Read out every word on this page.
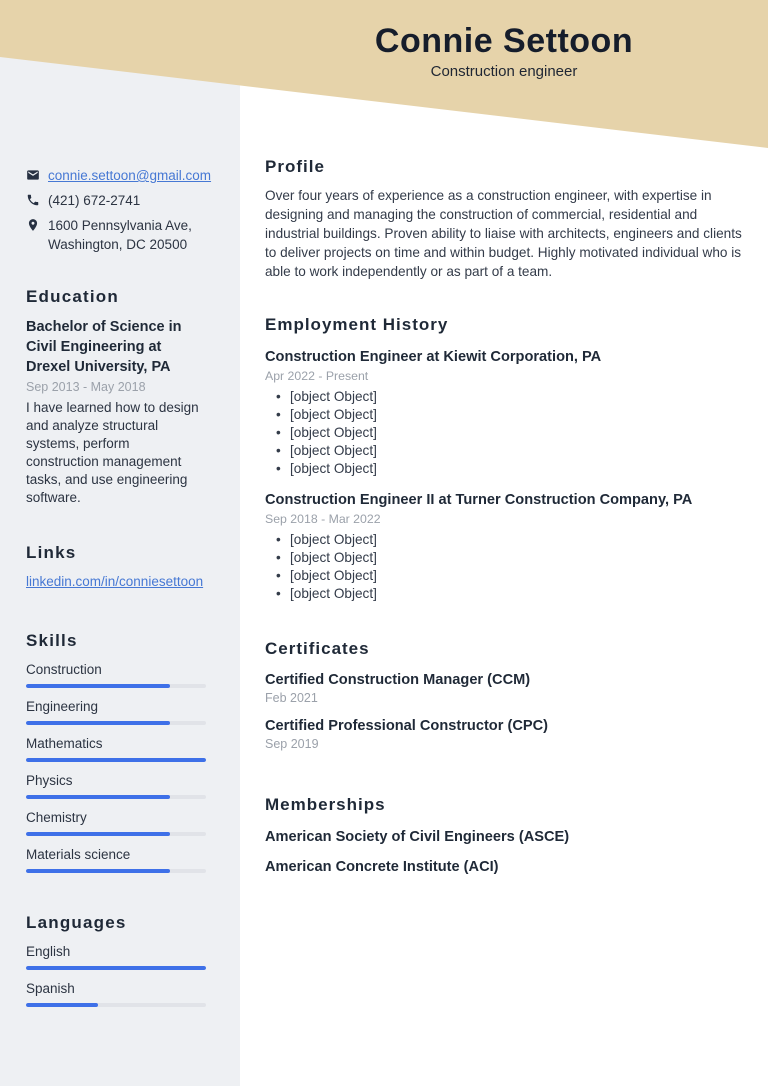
connie.settoon@gmail.com
(421) 672-2741
1600 Pennsylvania Ave,
Washington, DC 20500
Education
Bachelor of Science in Civil Engineering at Drexel University, PA
Sep 2013 - May 2018
I have learned how to design and analyze structural systems, perform construction management tasks, and use engineering software.
Links
linkedin.com/in/conniesettoon
Skills
Construction
Engineering
Mathematics
Physics
Chemistry
Materials science
Languages
English
Spanish
Connie Settoon
Construction engineer
Profile
Over four years of experience as a construction engineer, with expertise in designing and managing the construction of commercial, residential and industrial buildings. Proven ability to liaise with architects, engineers and clients to deliver projects on time and within budget. Highly motivated individual who is able to work independently or as part of a team.
Employment History
Construction Engineer at Kiewit Corporation, PA
Apr 2022 - Present
• [object Object]
• [object Object]
• [object Object]
• [object Object]
• [object Object]
Construction Engineer II at Turner Construction Company, PA
Sep 2018 - Mar 2022
• [object Object]
• [object Object]
• [object Object]
• [object Object]
Certificates
Certified Construction Manager (CCM)
Feb 2021
Certified Professional Constructor (CPC)
Sep 2019
Memberships
American Society of Civil Engineers (ASCE)
American Concrete Institute (ACI)
